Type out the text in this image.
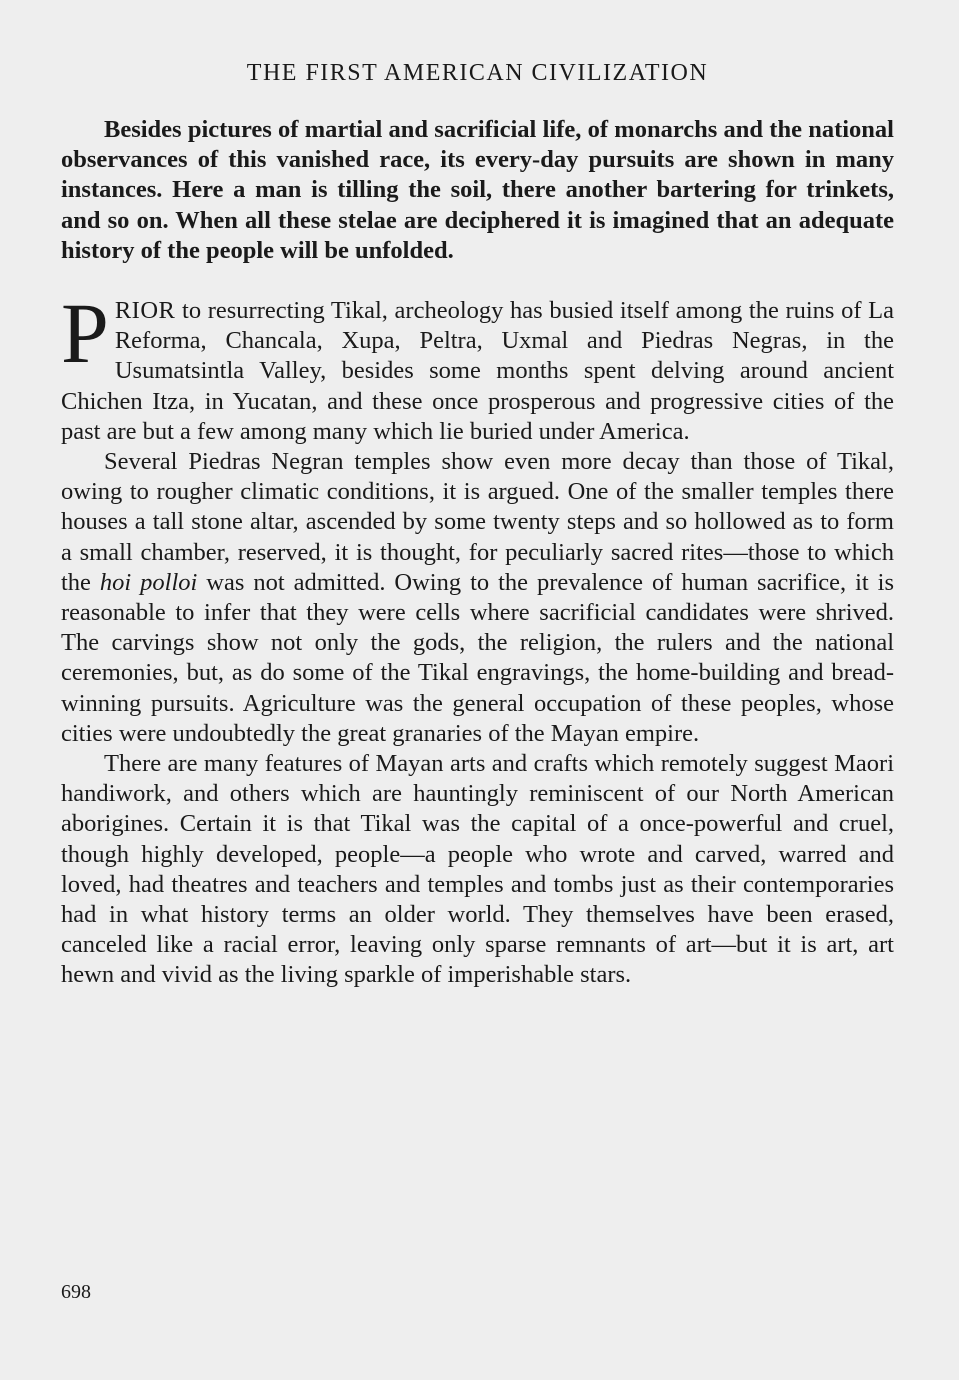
THE FIRST AMERICAN CIVILIZATION

Besides pictures of martial and sacrificial life, of monarchs and the national observances of this vanished race, its every-day pursuits are shown in many instances. Here a man is tilling the soil, there another bartering for trinkets, and so on. When all these stelae are deciphered it is imagined that an adequate history of the people will be unfolded.

PRIOR to resurrecting Tikal, archeology has busied itself among the ruins of La Reforma, Chancala, Xupa, Peltra, Uxmal and Piedras Negras, in the Usumatsintla Valley, besides some months spent delving around ancient Chichen Itza, in Yucatan, and these once prosperous and progressive cities of the past are but a few among many which lie buried under America.

Several Piedras Negran temples show even more decay than those of Tikal, owing to rougher climatic conditions, it is argued. One of the smaller temples there houses a tall stone altar, ascended by some twenty steps and so hollowed as to form a small chamber, reserved, it is thought, for peculiarly sacred rites—those to which the hoi polloi was not admitted. Owing to the prevalence of human sacrifice, it is reasonable to infer that they were cells where sacrificial candidates were shrived. The carvings show not only the gods, the religion, the rulers and the national ceremonies, but, as do some of the Tikal engravings, the home-building and bread-winning pursuits. Agriculture was the general occupation of these peoples, whose cities were undoubtedly the great granaries of the Mayan empire.

There are many features of Mayan arts and crafts which remotely suggest Maori handiwork, and others which are hauntingly reminiscent of our North American aborigines. Certain it is that Tikal was the capital of a once-powerful and cruel, though highly developed, people—a people who wrote and carved, warred and loved, had theatres and teachers and temples and tombs just as their contemporaries had in what history terms an older world. They themselves have been erased, canceled like a racial error, leaving only sparse remnants of art—but it is art, art hewn and vivid as the living sparkle of imperishable stars.

698
